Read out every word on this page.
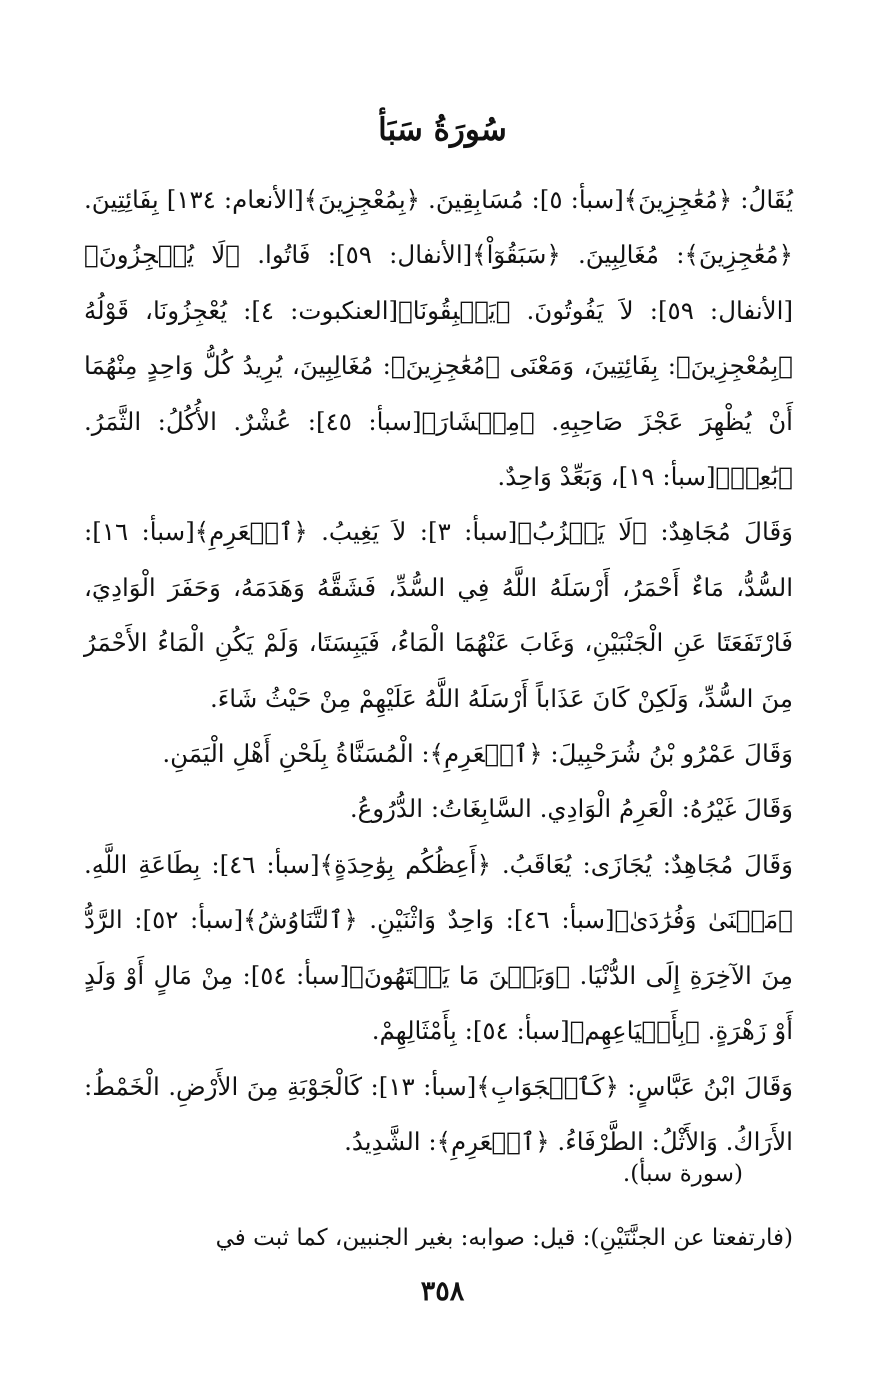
سُورَةُ سَبَأ

يُقَالُ: ﴿مُعَٰجِزِينَ﴾[سبأ: ٥]: مُسَابِقِينَ. ﴿بِمُعْجِزِينَ﴾[الأنعام: ١٣٤] بِفَائِتِينَ. ﴿مُعَٰجِزِينَ﴾: مُغَالِبِينَ. ﴿سَبَقُوٓاْ﴾[الأنفال: ٥٩]: فَاتُوا. ﴿لَا يُعۡجِزُونَ﴾[الأنفال: ٥٩]: لاَ يَفُوتُونَ. ﴿يَسۡبِقُونَا﴾[العنكبوت: ٤]: يُعْجِزُونَا، قَوْلُهُ ﴿بِمُعْجِزِينَ﴾: بِفَائِتِينَ، وَمَعْنَى ﴿مُعَٰجِزِينَ﴾: مُغَالِبِينَ، يُرِيدُ كُلُّ وَاحِدٍ مِنْهُمَا أَنْ يُظْهِرَ عَجْزَ صَاحِبِهِ. ﴿مِعۡشَارَ﴾[سبأ: ٤٥]: عُشْرٌ. الأُكُلُ: الثَّمَرُ. ﴿بَٰعِدۡ﴾[سبأ: ١٩]، وَبَعِّدْ وَاحِدٌ.

وَقَالَ مُجَاهِدٌ: ﴿لَا يَعۡزُبُ﴾[سبأ: ٣]: لاَ يَغِيبُ. ﴿ٱلۡعَرِمِ﴾[سبأ: ١٦]: السُّدُّ، مَاءٌ أَحْمَرُ، أَرْسَلَهُ اللَّهُ فِي السُّدِّ، فَشَقَّهُ وَهَدَمَهُ، وَحَفَرَ الْوَادِيَ، فَارْتَفَعَتَا عَنِ الْجَنْبَيْنِ، وَغَابَ عَنْهُمَا الْمَاءُ، فَيَبِسَتَا، وَلَمْ يَكُنِ الْمَاءُ الأَحْمَرُ مِنَ السُّدِّ، وَلَكِنْ كَانَ عَذَاباً أَرْسَلَهُ اللَّهُ عَلَيْهِمْ مِنْ حَيْثُ شَاءَ.

وَقَالَ عَمْرُو بْنُ شُرَحْبِيلَ: ﴿ٱلۡعَرِمِ﴾: الْمُسَنَّاةُ بِلَحْنِ أَهْلِ الْيَمَنِ.

وَقَالَ غَيْرُهُ: الْعَرِمُ الْوَادِي. السَّابِغَاتُ: الدُّرُوعُ.

وَقَالَ مُجَاهِدٌ: يُجَازَى: يُعَاقَبُ. ﴿أَعِظُكُم بِوَٰحِدَةٍ﴾[سبأ: ٤٦]: بِطَاعَةِ اللَّهِ. ﴿مَثۡنَىٰ وَفُرَٰدَىٰ﴾[سبأ: ٤٦]: وَاحِدٌ وَاثْنَيْنِ. ﴿ٱلتَّنَاوُشُ﴾[سبأ: ٥٢]: الرَّدُّ مِنَ الآخِرَةِ إِلَى الدُّنْيَا. ﴿وَبَيۡنَ مَا يَشۡتَهُونَ﴾[سبأ: ٥٤]: مِنْ مَالٍ أَوْ وَلَدٍ أَوْ زَهْرَةٍ. ﴿بِأَشۡيَاعِهِم﴾[سبأ: ٥٤]: بِأَمْثَالِهِمْ.

وَقَالَ ابْنُ عَبَّاسٍ: ﴿كَٱلۡجَوَابِ﴾[سبأ: ١٣]: كَالْجَوْبَةِ مِنَ الأَرْضِ. الْخَمْطُ: الأَرَاكُ. وَالأَثْلُ: الطَّرْفَاءُ. ﴿ٱلۡعَرِمِ﴾: الشَّدِيدُ.

(سورة سبأ).
(فارتفعتا عن الجنَّتَيْنِ): قيل: صوابه: بغير الجنبين، كما ثبت في
٣٥٨
